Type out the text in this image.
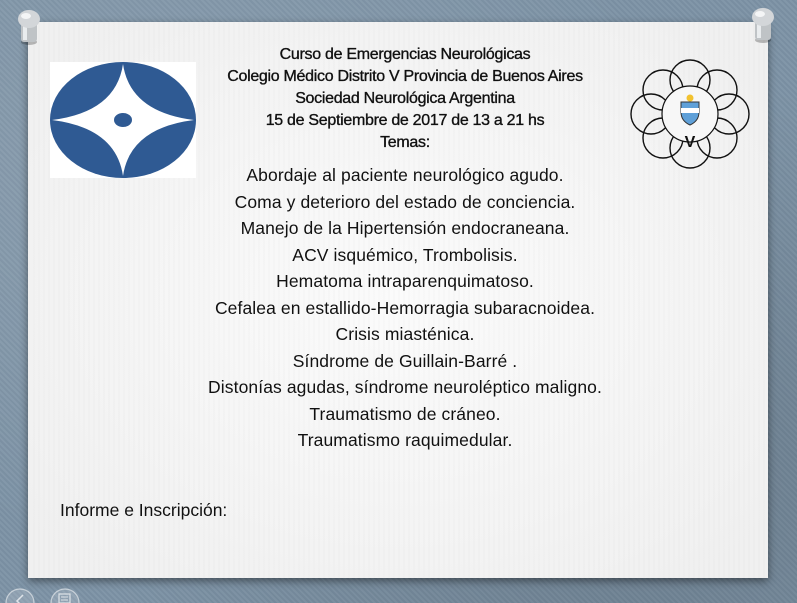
V
Curso de Emergencias Neurológicas
Colegio Médico Distrito V Provincia de Buenos Aires
Sociedad Neurológica Argentina
15 de Septiembre de 2017 de 13 a 21 hs
Temas:
Abordaje al paciente neurológico agudo.
Coma y deterioro del estado de conciencia.
Manejo de la Hipertensión endocraneana.
ACV isquémico, Trombolisis.
Hematoma intraparenquimatoso.
Cefalea en estallido-Hemorragia subaracnoidea.
Crisis miasténica.
Síndrome de Guillain-Barré .
Distonías agudas, síndrome neuroléptico maligno.
Traumatismo de cráneo.
Traumatismo raquimedular.
Informe e Inscripción:
